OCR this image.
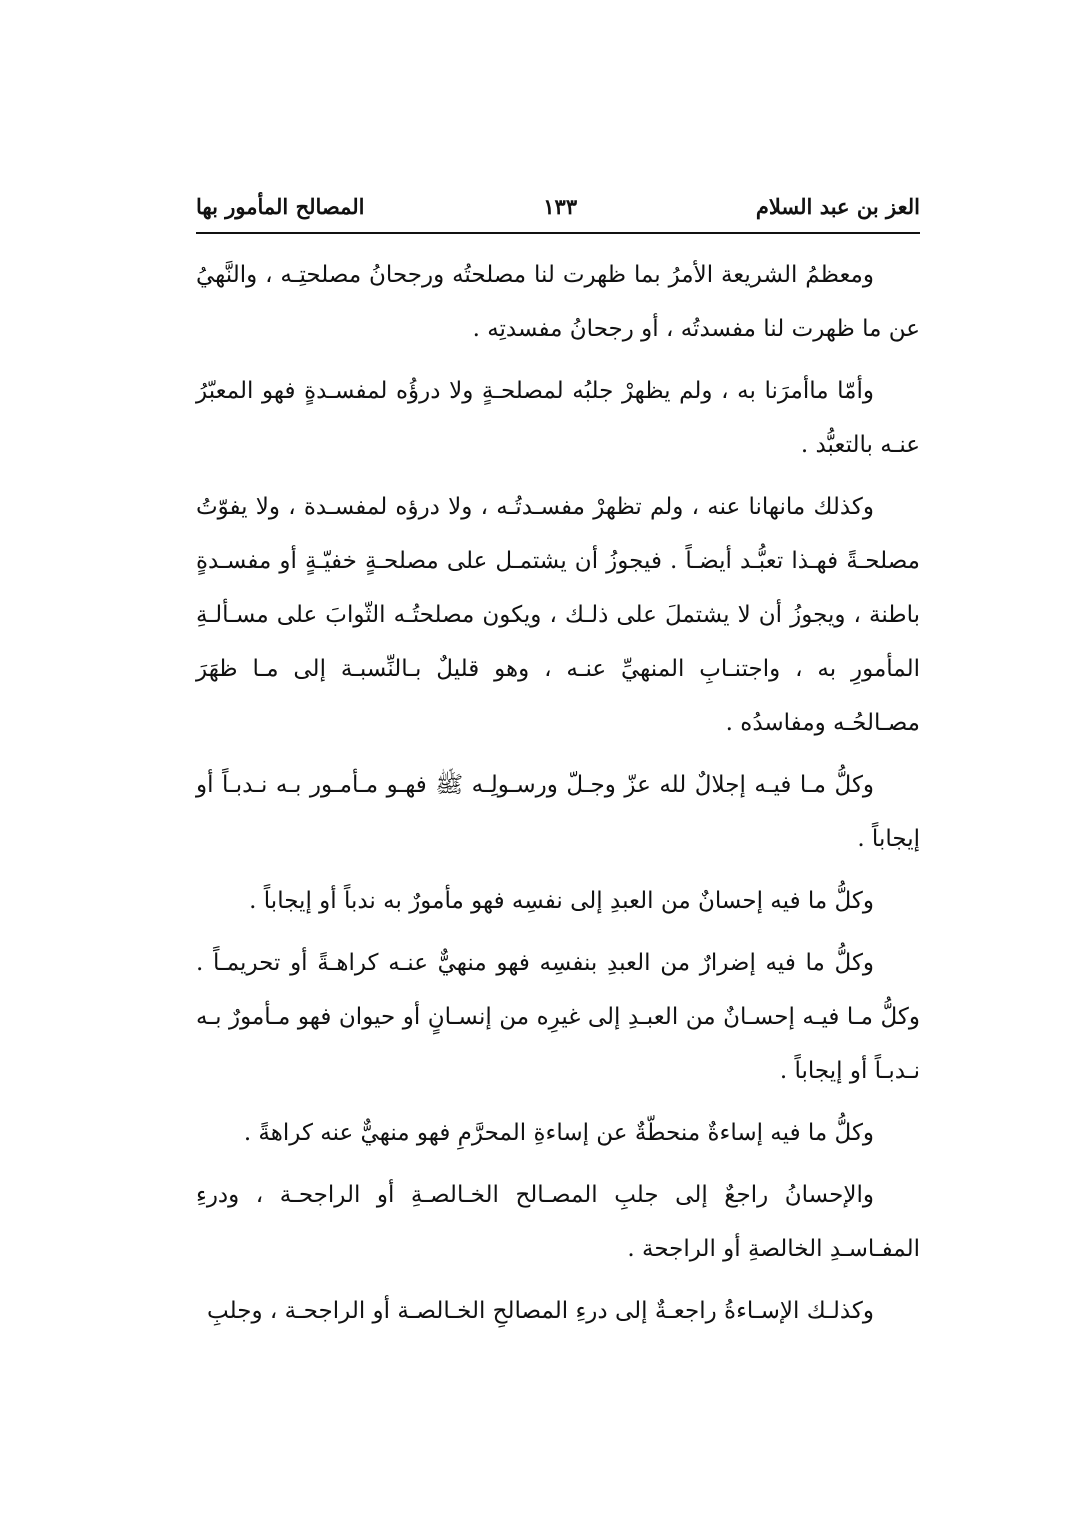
العز بن عبد السلام
١٣٣
المصالح المأمور بها

ومعظمُ الشريعة الأمرُ بما ظهرت لنا مصلحتُه ورجحانُ مصلحتِـه ، والنَّهيُ عن ما ظهرت لنا مفسدتُه ، أو رجحانُ مفسدتِه .

وأمّا ماأمرَنا به ، ولم يظهرْ جلبُه لمصلحـةٍ ولا درؤُه لمفسـدةٍ فهو المعبّرُ عنـه بالتعبُّد .

وكذلك مانهانا عنه ، ولم تظهرْ مفسـدتُـه ، ولا درؤه لمفسـدة ، ولا يفوّتُ مصلحـةً فهـذا تعبُّـد أيضـاً . فيجوزُ أن يشتمـل على مصلحـةٍ خفيّـةٍ أو مفسـدةٍ باطنة ، ويجوزُ أن لا يشتملَ على ذلـك ، ويكون مصلحتُـه الثّوابَ على مسـألـةِ المأمورِ به ، واجتنـابِ المنهيِّ عنـه ، وهو قليلٌ بـالنِّسبـة إلى مـا ظهَرَ مصـالحُـه ومفاسدُه .

وكلُّ مـا فيـه إجلالٌ لله عزّ وجـلّ ورسـولِـه ﷺ فهـو مـأمـور بـه نـدبـاً أو إيجاباً .

وكلُّ ما فيه إحسانٌ من العبدِ إلى نفسِه فهو مأمورٌ به ندباً أو إيجاباً .

وكلُّ ما فيه إضرارٌ من العبدِ بنفسِه فهو منهيٌّ عنـه كراهـةً أو تحريمـاً . وكلُّ مـا فيـه إحسـانٌ من العبـدِ إلى غيرِه من إنسـانٍ أو حيوان فهو مـأمورٌ بـه نـدبـاً أو إيجاباً .

وكلُّ ما فيه إساءةٌ منحطّةٌ عن إساءةِ المحرَّمِ فهو منهيٌّ عنه كراهةً .

والإحسانُ راجعٌ إلى جلبِ المصـالح الخـالصـةِ أو الراجحـة ، ودرءِ المفـاسـدِ الخالصةِ أو الراجحة .

وكذلـك الإسـاءةُ راجعـةٌ إلى درءِ المصالحِ الخـالصـة أو الراجحـة ، وجلبِ
